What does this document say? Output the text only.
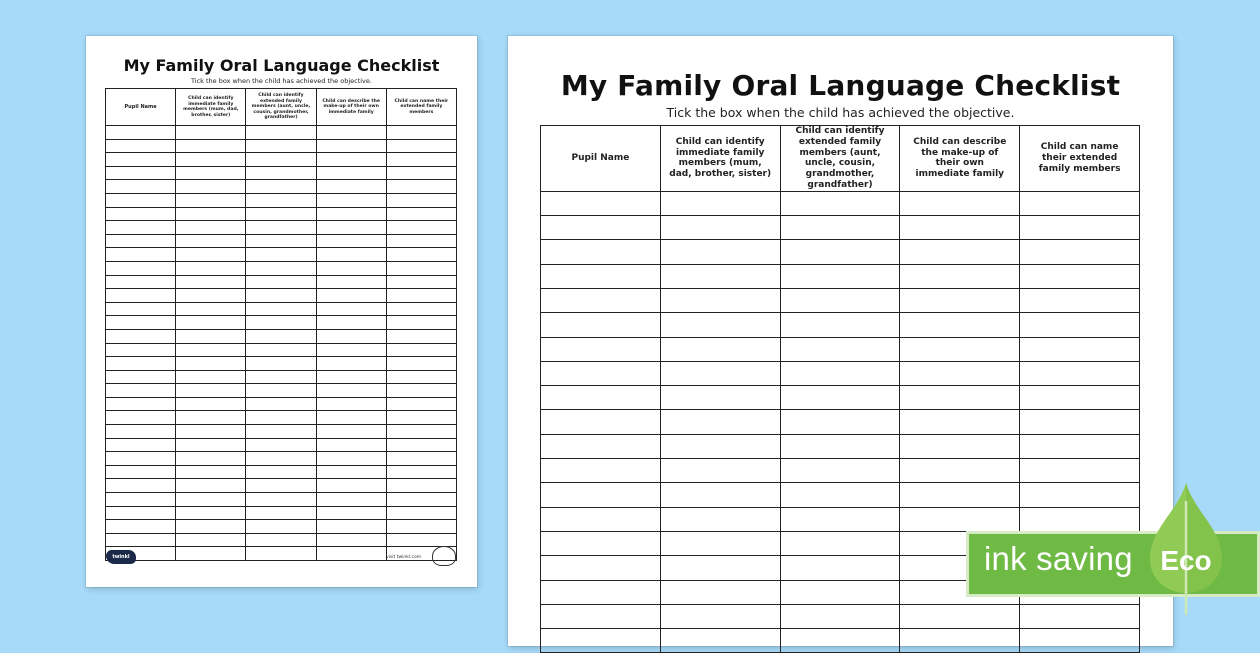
My Family Oral Language Checklist
Tick the box when the child has achieved the objective.
Pupil Name	Child can identify immediate family members (mum, dad, brother, sister)	Child can identify extended family members (aunt, uncle, cousin, grandmother, grandfather)	Child can describe the make-up of their own immediate family	Child can name their extended family members

twinkl	visit twinkl.com
My Family Oral Language Checklist
Tick the box when the child has achieved the objective.
Pupil Name	Child can identify immediate family members (mum, dad, brother, sister)	Child can identify extended family members (aunt, uncle, cousin, grandmother, grandfather)	Child can describe the make-up of their own immediate family	Child can name their extended family members

ink saving Eco
